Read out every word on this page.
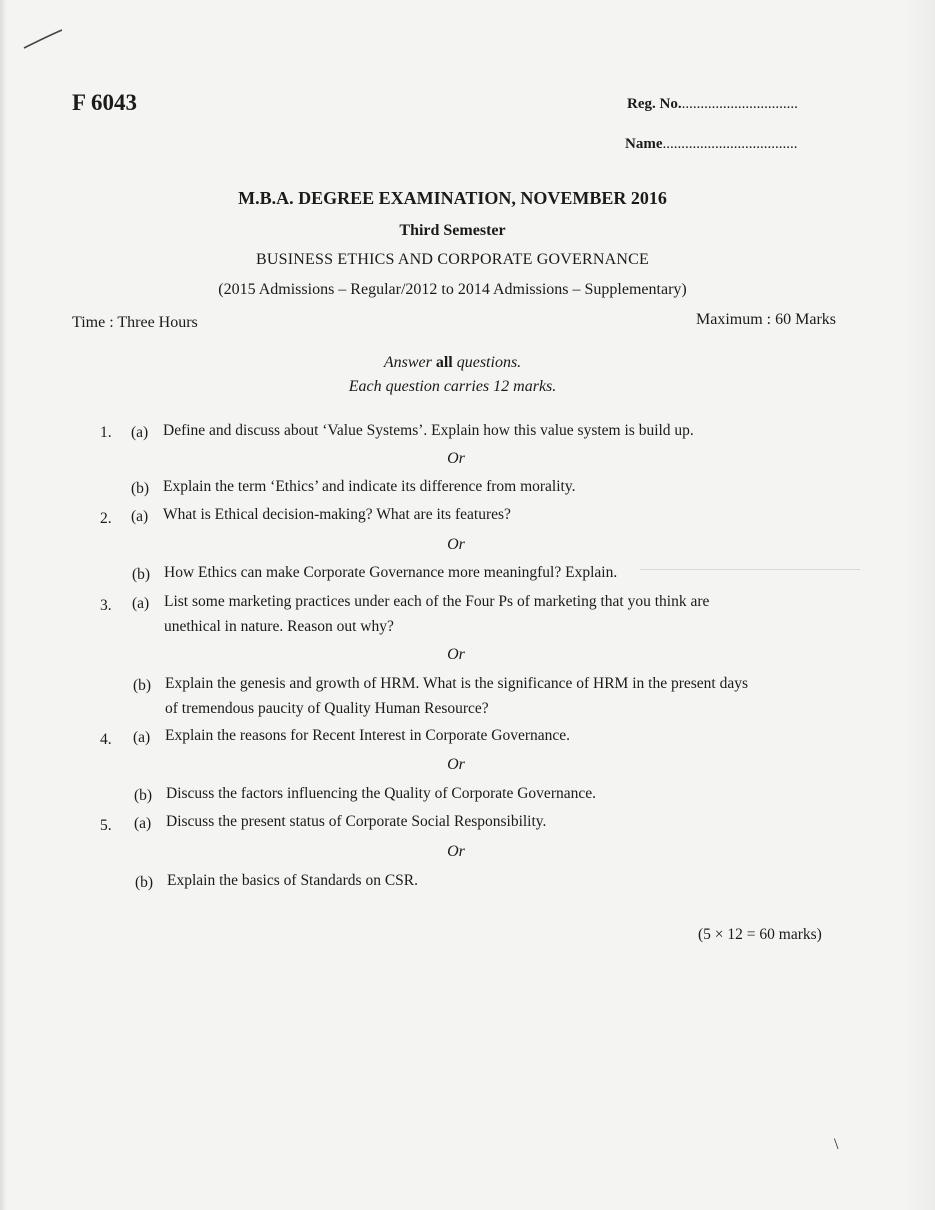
F 6043	Reg. No................................
Name....................................
M.B.A. DEGREE EXAMINATION, NOVEMBER 2016
Third Semester
BUSINESS ETHICS AND CORPORATE GOVERNANCE
(2015 Admissions – Regular/2012 to 2014 Admissions – Supplementary)
Time : Three Hours	Maximum : 60 Marks
Answer all questions.
Each question carries 12 marks.
1. (a) Define and discuss about ‘Value Systems’. Explain how this value system is build up.
Or
(b) Explain the term ‘Ethics’ and indicate its difference from morality.
2. (a) What is Ethical decision-making? What are its features?
Or
(b) How Ethics can make Corporate Governance more meaningful? Explain.
3. (a) List some marketing practices under each of the Four Ps of marketing that you think are
unethical in nature. Reason out why?
Or
(b) Explain the genesis and growth of HRM. What is the significance of HRM in the present days
of tremendous paucity of Quality Human Resource?
4. (a) Explain the reasons for Recent Interest in Corporate Governance.
Or
(b) Discuss the factors influencing the Quality of Corporate Governance.
5. (a) Discuss the present status of Corporate Social Responsibility.
Or
(b) Explain the basics of Standards on CSR.
(5 × 12 = 60 marks)
\
